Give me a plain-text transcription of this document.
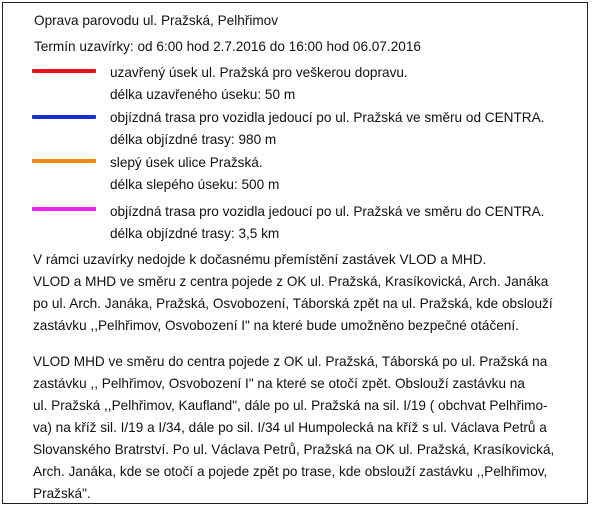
Oprava parovodu ul. Pražská, Pelhřimov
Termín uzavírky: od 6:00 hod 2.7.2016 do 16:00 hod 06.07.2016
uzavřený úsek ul. Pražská pro veškerou dopravu.
délka uzavřeného úseku: 50 m
objízdná trasa pro vozidla jedoucí po ul. Pražská ve směru od CENTRA.
délka objízdné trasy: 980 m
slepý úsek ulice Pražská.
délka slepého úseku: 500 m
objízdná trasa pro vozidla jedoucí po ul. Pražská ve směru do CENTRA.
délka objízdné trasy: 3,5 km
V rámci uzavírky nedojde k dočasnému přemístění zastávek VLOD a MHD.
VLOD a MHD ve směru z centra pojede z OK ul. Pražská, Krasíkovická, Arch. Janáka
po ul. Arch. Janáka, Pražská, Osvobození, Táborská zpět na ul. Pražská, kde obslouží
zastávku ,,Pelhřimov, Osvobození I" na které bude umožněno bezpečné otáčení.
VLOD MHD ve směru do centra pojede z OK ul. Pražská, Táborská po ul. Pražská na
zastávku ,, Pelhřimov, Osvobození I" na které se otočí zpět. Obslouží zastávku na
ul. Pražská ,,Pelhřimov, Kaufland", dále po ul. Pražská na sil. I/19 ( obchvat Pelhřimo-
va) na kříž sil. I/19 a I/34, dále po sil. I/34 ul Humpolecká na kříž s ul. Václava Petrů a
Slovanského Bratrství. Po ul. Václava Petrů, Pražská na OK ul. Pražská, Krasíkovická,
Arch. Janáka, kde se otočí a pojede zpět po trase, kde obslouží zastávku ,,Pelhřimov,
Pražská".
